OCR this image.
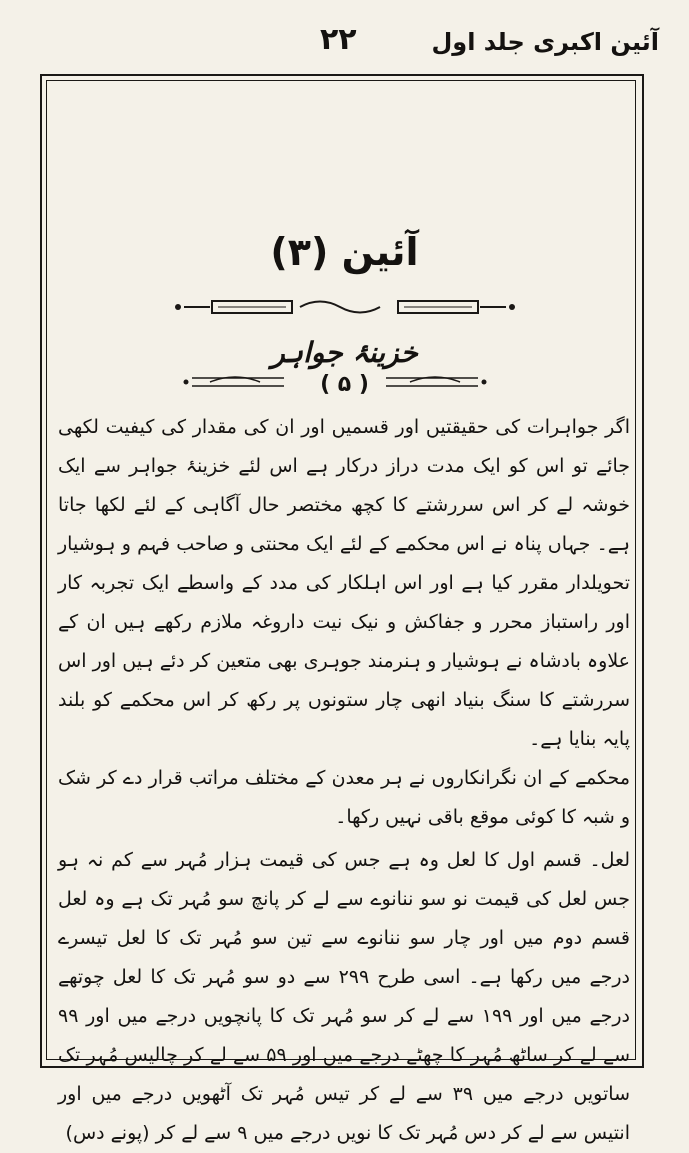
۲۲	آئین اکبری جلد اول
آئین (۳)
خزینۂ جواہر
( ۵ )

اگر جواہرات کی حقیقتیں اور قسمیں اور ان کی مقدار کی کیفیت لکھی جائے تو اس کو ایک مدت دراز درکار ہے اس لئے خزینۂ جواہر سے ایک خوشہ لے کر اس سررشتے کا کچھ مختصر حال آگاہی کے لئے لکھا جاتا ہے۔ جہاں پناہ نے اس محکمے کے لئے ایک محنتی و صاحب فہم و ہوشیار تحویلدار مقرر کیا ہے اور اس اہلکار کی مدد کے واسطے ایک تجربہ کار اور راستباز محرر و جفاکش و نیک نیت داروغہ ملازم رکھے ہیں ان کے علاوہ بادشاہ نے ہوشیار و ہنرمند جوہری بھی متعین کر دئے ہیں اور اس سررشتے کا سنگ بنیاد انھی چار ستونوں پر رکھ کر اس محکمے کو بلند پایہ بنایا ہے۔

محکمے کے ان نگرانکاروں نے ہر معدن کے مختلف مراتب قرار دے کر شک و شبہ کا کوئی موقع باقی نہیں رکھا۔

لعل۔ قسم اول کا لعل وہ ہے جس کی قیمت ہزار مُہر سے کم نہ ہو جس لعل کی قیمت نو سو ننانوے سے لے کر پانچ سو مُہر تک ہے وہ لعل قسم دوم میں اور چار سو ننانوے سے تین سو مُہر تک کا لعل تیسرے درجے میں رکھا ہے۔ اسی طرح ۲۹۹ سے دو سو مُہر تک کا لعل چوتھے درجے میں اور ۱۹۹ سے لے کر سو مُہر تک کا پانچویں درجے میں اور ۹۹ سے لے کر ساٹھ مُہر کا چھٹے درجے میں اور ۵۹ سے لے کر چالیس مُہر تک ساتویں درجے میں ۳۹ سے لے کر تیس مُہر تک آٹھویں درجے میں اور انتیس سے لے کر دس مُہر تک کا نویں درجے میں ۹ سے لے کر (پونے دس)
